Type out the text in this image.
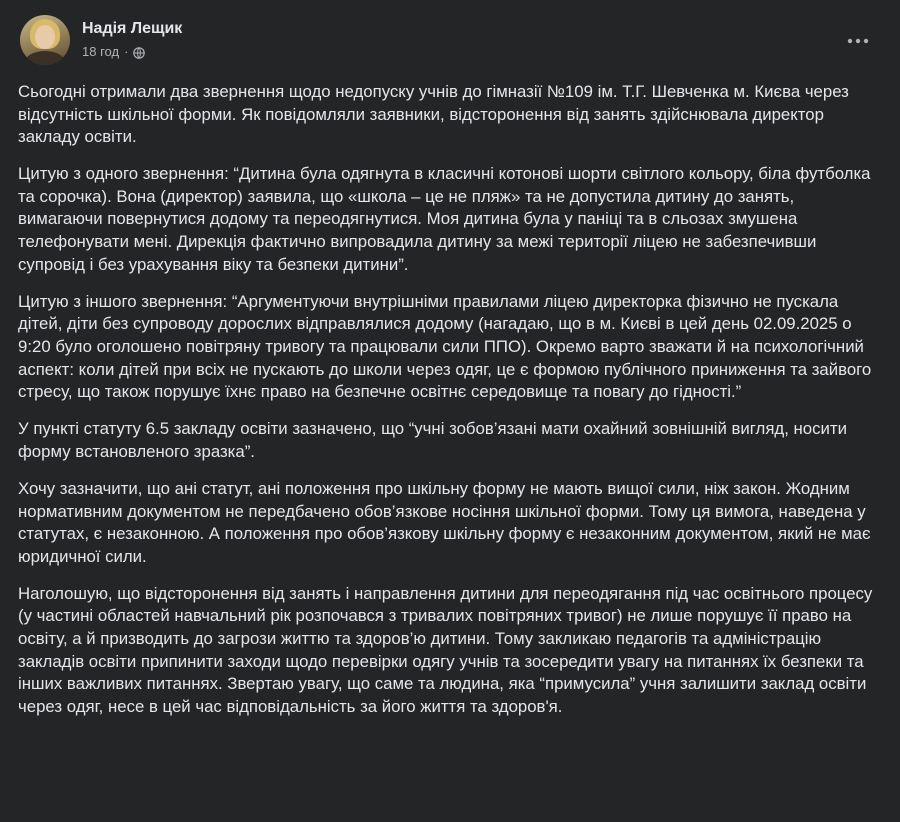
Надія Лещик
18 год ·

Сьогодні отримали два звернення щодо недопуску учнів до гімназії №109 ім. Т.Г. Шевченка м. Києва через відсутність шкільної форми. Як повідомляли заявники, відсторонення від занять здійснювала директор закладу освіти.

Цитую з одного звернення: “Дитина була одягнута в класичні котонові шорти світлого кольору, біла футболка та сорочка). Вона (директор) заявила, що «школа – це не пляж» та не допустила дитину до занять, вимагаючи повернутися додому та переодягнутися. Моя дитина була у паніці та в сльозах змушена телефонувати мені. Дирекція фактично випровадила дитину за межі території ліцею не забезпечивши супровід і без урахування віку та безпеки дитини”.

Цитую з іншого звернення: “Аргументуючи внутрішніми правилами ліцею директорка фізично не пускала дітей, діти без супроводу дорослих відправлялися додому (нагадаю, що в м. Києві в цей день 02.09.2025 о 9:20 було оголошено повітряну тривогу та працювали сили ППО). Окремо варто зважати й на психологічний аспект: коли дітей при всіх не пускають до школи через одяг, це є формою публічного приниження та зайвого стресу, що також порушує їхнє право на безпечне освітнє середовище та повагу до гідності.”

У пункті статуту 6.5 закладу освіти зазначено, що “учні зобов’язані мати охайний зовнішній вигляд, носити форму встановленого зразка”.

Хочу зазначити, що ані статут, ані положення про шкільну форму не мають вищої сили, ніж закон. Жодним нормативним документом не передбачено обов’язкове носіння шкільної форми. Тому ця вимога, наведена у статутах, є незаконною. А положення про обов’язкову шкільну форму є незаконним документом, який не має юридичної сили.

Наголошую, що відсторонення від занять і направлення дитини для переодягання під час освітнього процесу (у частині областей навчальний рік розпочався з тривалих повітряних тривог) не лише порушує її право на освіту, а й призводить до загрози життю та здоров’ю дитини. Тому закликаю педагогів та адміністрацію закладів освіти припинити заходи щодо перевірки одягу учнів та зосередити увагу на питаннях їх безпеки та інших важливих питаннях. Звертаю увагу, що саме та людина, яка “примусила” учня залишити заклад освіти через одяг, несе в цей час відповідальність за його життя та здоров'я.
